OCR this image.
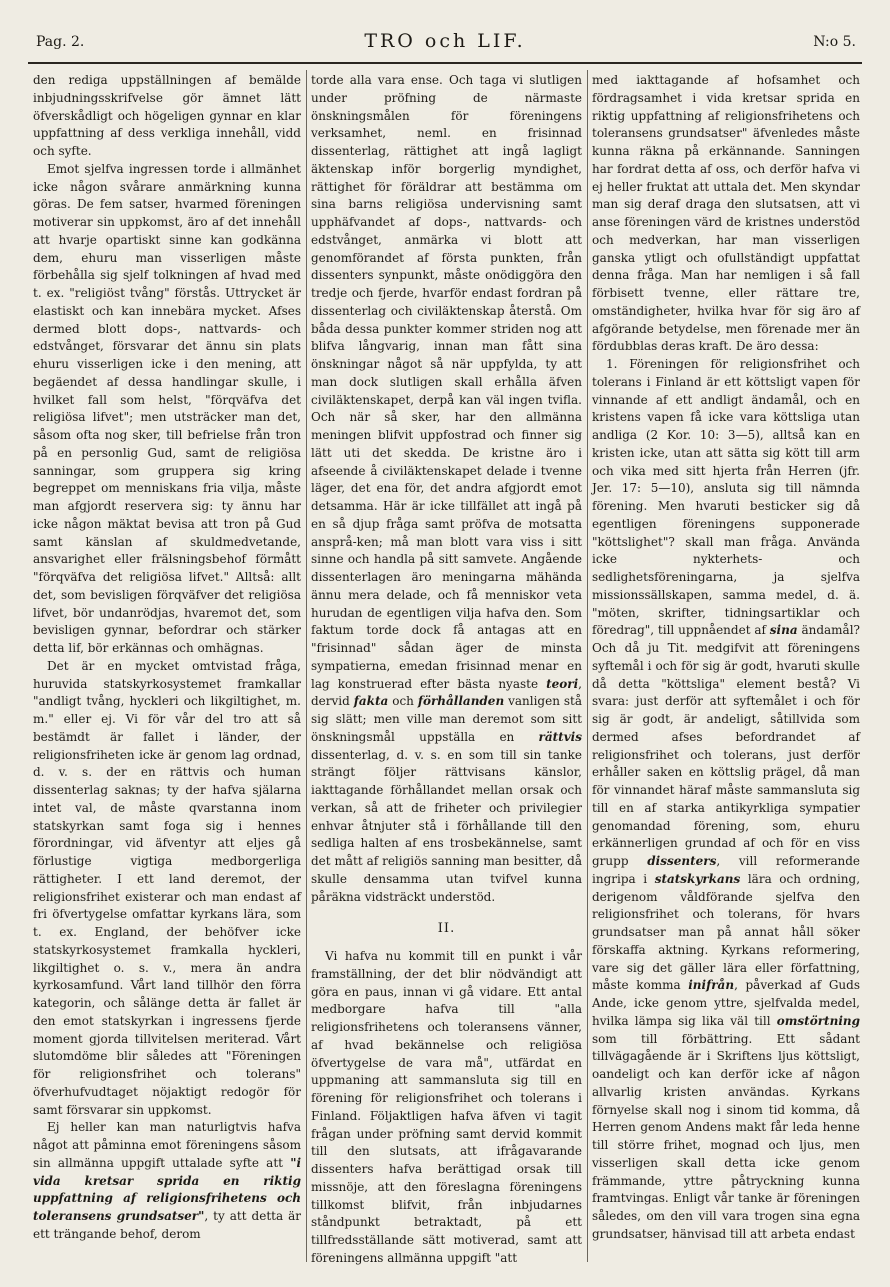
Pag. 2.	TRO och LIF.	N:o 5.

den rediga uppställningen af bemälde inbjudningsskrifvelse gör ämnet lätt öfverskådligt och högeligen gynnar en klar uppfattning af dess verkliga innehåll, vidd och syfte.

Emot sjelfva ingressen torde i allmänhet icke någon svårare anmärkning kunna göras. De fem satser, hvarmed föreningen motiverar sin uppkomst, äro af det innehåll att hvarje opartiskt sinne kan godkänna dem, ehuru man visserligen måste förbehålla sig sjelf tolkningen af hvad med t. ex. "religiöst tvång" förstås. Uttrycket är elastiskt och kan innebära mycket. Afses dermed blott dops-, nattvards- och edstvånget, försvarar det ännu sin plats ehuru visserligen icke i den mening, att begäendet af dessa handlingar skulle, i hvilket fall som helst, "förqväfva det religiösa lifvet"; men utsträcker man det, såsom ofta nog sker, till befrielse från tron på en personlig Gud, samt de religiösa sanningar, som gruppera sig kring begreppet om menniskans fria vilja, måste man afgjordt reservera sig: ty ännu har icke någon mäktat bevisa att tron på Gud samt känslan af skuldmedvetande, ansvarighet eller frälsningsbehof förmått "förqväfva det religiösa lifvet." Alltså: allt det, som bevisligen förqväfver det religiösa lifvet, bör undanrödjas, hvaremot det, som bevisligen gynnar, befordrar och stärker detta lif, bör erkännas och omhägnas.

Det är en mycket omtvistad fråga, huruvida statskyrkosystemet framkallar "andligt tvång, hyckleri och likgiltighet, m. m." eller ej. Vi för vår del tro att så bestämdt är fallet i länder, der religionsfriheten icke är genom lag ordnad, d. v. s. der en rättvis och human dissenterlag saknas; ty der hafva själarna intet val, de måste qvarstanna inom statskyrkan samt foga sig i hennes förordningar, vid äfventyr att eljes gå förlustige vigtiga medborgerliga rättigheter. I ett land deremot, der religionsfrihet existerar och man endast af fri öfvertygelse omfattar kyrkans lära, som t. ex. England, der behöfver icke statskyrkosystemet framkalla hyckleri, likgiltighet o. s. v., mera än andra kyrkosamfund. Vårt land tillhör den förra kategorin, och sålänge detta är fallet är den emot statskyrkan i ingressens fjerde moment gjorda tillvitelsen meriterad. Vårt slutomdöme blir således att "Föreningen för religionsfrihet och tolerans" öfverhufvudtaget nöjaktigt redogör för samt försvarar sin uppkomst.

Ej heller kan man naturligtvis hafva något att påminna emot föreningens såsom sin allmänna uppgift uttalade syfte att "i vida kretsar sprida en riktig uppfattning af religionsfrihetens och toleransens grundsatser", ty att detta är ett trängande behof, derom

torde alla vara ense. Och taga vi slutligen under pröfning de närmaste önskningsmålen för föreningens verksamhet, neml. en frisinnad dissenterlag, rättighet att ingå lagligt äktenskap inför borgerlig myndighet, rättighet för föräldrar att bestämma om sina barns religiösa undervisning samt upphäfvandet af dops-, nattvards- och edstvånget, anmärka vi blott att genomförandet af första punkten, från dissenters synpunkt, måste onödiggöra den tredje och fjerde, hvarför endast fordran på dissenterlag och civiläktenskap återstå. Om båda dessa punkter kommer striden nog att blifva långvarig, innan man fått sina önskningar något så när uppfylda, ty att man dock slutligen skall erhålla äfven civiläktenskapet, derpå kan väl ingen tvifla. Och när så sker, har den allmänna meningen blifvit uppfostrad och finner sig lätt uti det skedda. De kristne äro i afseende å civiläktenskapet delade i tvenne läger, det ena för, det andra afgjordt emot detsamma. Här är icke tillfället att ingå på en så djup fråga samt pröfva de motsatta ansprå-ken; må man blott vara viss i sitt sinne och handla på sitt samvete. Angående dissenterlagen äro meningarna mähända ännu mera delade, och få menniskor veta hurudan de egentligen vilja hafva den. Som faktum torde dock få antagas att en "frisinnad" sådan äger de minsta sympatierna, emedan frisinnad menar en lag konstruerad efter bästa nyaste teori, dervid fakta och förhållanden vanligen stå sig slätt; men ville man deremot som sitt önskningsmål uppställa en rättvis dissenterlag, d. v. s. en som till sin tanke strängt följer rättvisans känslor, iakttagande förhållandet mellan orsak och verkan, så att de friheter och privilegier enhvar åtnjuter stå i förhållande till den sedliga halten af ens trosbekännelse, samt det mått af religiös sanning man besitter, då skulle densamma utan tvifvel kunna påräkna vidsträckt understöd.

II.

Vi hafva nu kommit till en punkt i vår framställning, der det blir nödvändigt att göra en paus, innan vi gå vidare. Ett antal medborgare hafva till "alla religionsfrihetens och toleransens vänner, af hvad bekännelse och religiösa öfvertygelse de vara må", utfärdat en uppmaning att sammansluta sig till en förening för religionsfrihet och tolerans i Finland. Följaktligen hafva äfven vi tagit frågan under pröfning samt dervid kommit till den slutsats, att ifrågavarande dissenters hafva berättigad orsak till missnöje, att den föreslagna föreningens tillkomst blifvit, från inbjudarnes ståndpunkt betraktadt, på ett tillfredsställande sätt motiverad, samt att föreningens allmänna uppgift "att

med iakttagande af hofsamhet och fördragsamhet i vida kretsar sprida en riktig uppfattning af religionsfrihetens och toleransens grundsatser" äfvenledes måste kunna räkna på erkännande. Sanningen har fordrat detta af oss, och derför hafva vi ej heller fruktat att uttala det. Men skyndar man sig deraf draga den slutsatsen, att vi anse föreningen värd de kristnes understöd och medverkan, har man visserligen ganska ytligt och ofullständigt uppfattat denna fråga. Man har nemligen i så fall förbisett tvenne, eller rättare tre, omständigheter, hvilka hvar för sig äro af afgörande betydelse, men förenade mer än fördubblas deras kraft. De äro dessa:

1. Föreningen för religionsfrihet och tolerans i Finland är ett köttsligt vapen för vinnande af ett andligt ändamål, och en kristens vapen få icke vara köttsliga utan andliga (2 Kor. 10: 3—5), alltså kan en kristen icke, utan att sätta sig kött till arm och vika med sitt hjerta från Herren (jfr. Jer. 17: 5—10), ansluta sig till nämnda förening. Men hvaruti besticker sig då egentligen föreningens supponerade "köttslighet"? skall man fråga. Använda icke nykterhets- och sedlighetsföreningarna, ja sjelfva missionssällskapen, samma medel, d. ä. "möten, skrifter, tidningsartiklar och föredrag", till uppnåendet af sina ändamål? Och då ju Tit. medgifvit att föreningens syftemål i och för sig är godt, hvaruti skulle då detta "köttsliga" element bestå? Vi svara: just derför att syftemålet i och för sig är godt, är andeligt, såtillvida som dermed afses befordrandet af religionsfrihet och tolerans, just derför erhåller saken en köttslig prägel, då man för vinnandet häraf måste sammansluta sig till en af starka antikyrkliga sympatier genomandad förening, som, ehuru erkännerligen grundad af och för en viss grupp dissenters, vill reformerande ingripa i statskyrkans lära och ordning, derigenom våldförande sjelfva den religionsfrihet och tolerans, för hvars grundsatser man på annat håll söker förskaffa aktning. Kyrkans reformering, vare sig det gäller lära eller författning, måste komma inifrån, påverkad af Guds Ande, icke genom yttre, sjelfvalda medel, hvilka lämpa sig lika väl till omstörtning som till förbättring. Ett sådant tillvägagående är i Skriftens ljus köttsligt, oandeligt och kan derför icke af någon allvarlig kristen användas. Kyrkans förnyelse skall nog i sinom tid komma, då Herren genom Andens makt får leda henne till större frihet, mognad och ljus, men visserligen skall detta icke genom främmande, yttre påtryckning kunna framtvingas. Enligt vår tanke är föreningen således, om den vill vara trogen sina egna grundsatser, hänvisad till att arbeta endast
